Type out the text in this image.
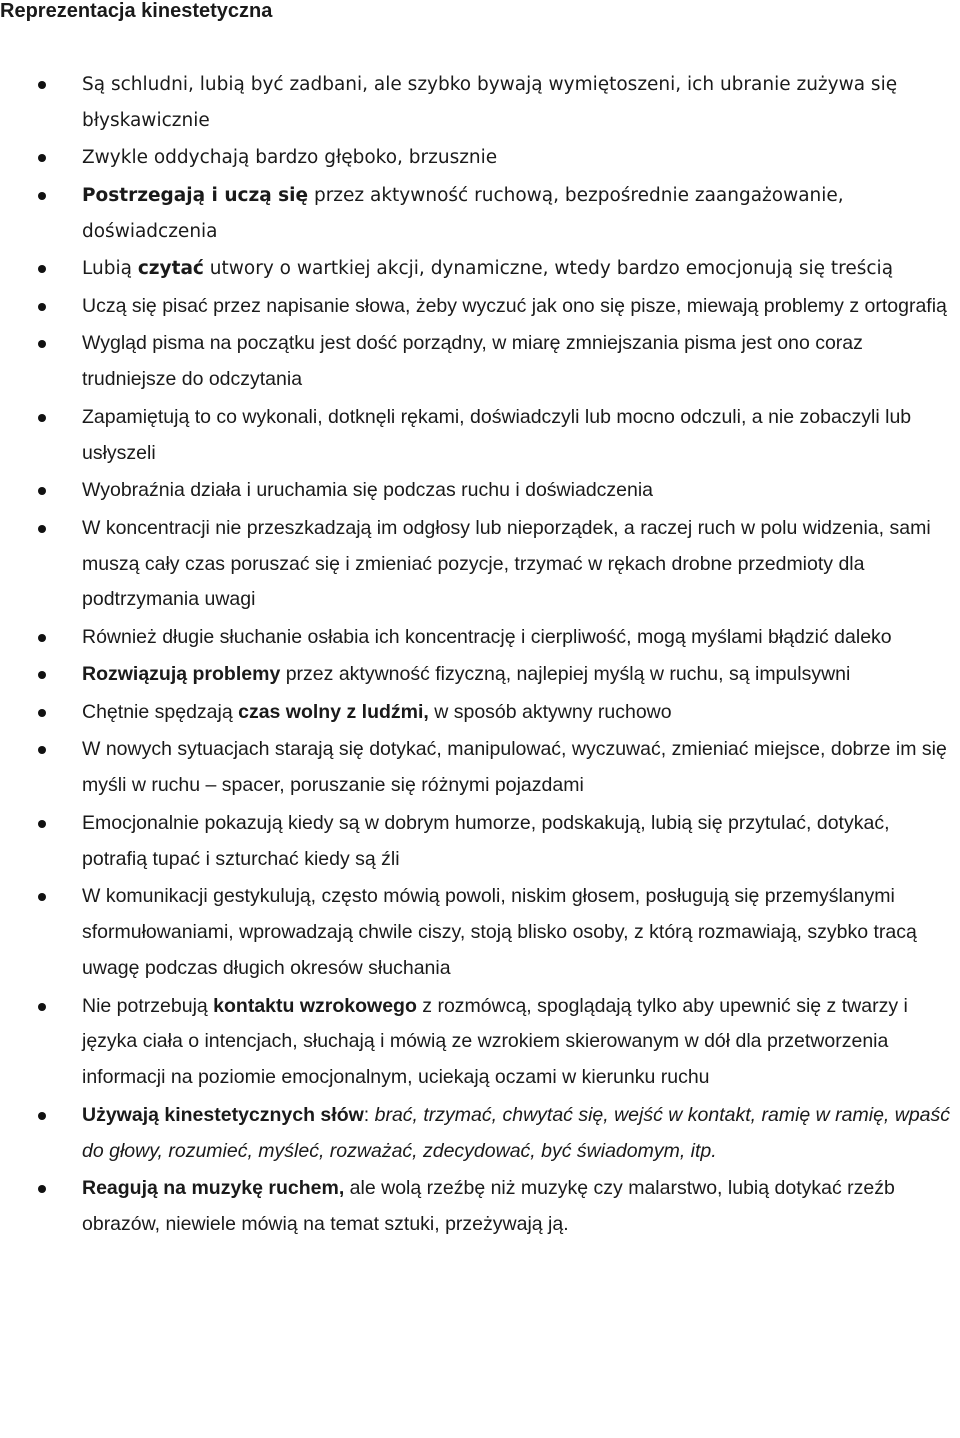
Reprezentacja kinestetyczna
Są schludni, lubią być zadbani, ale szybko bywają wymiętoszeni, ich ubranie zużywa się błyskawicznie
Zwykle oddychają bardzo głęboko, brzusznie
Postrzegają i uczą się przez aktywność ruchową, bezpośrednie zaangażowanie, doświadczenia
Lubią czytać utwory o wartkiej akcji, dynamiczne, wtedy bardzo emocjonują się treścią
Uczą się pisać przez napisanie słowa, żeby wyczuć jak ono się pisze, miewają problemy z ortografią
Wygląd pisma na początku jest dość porządny, w miarę zmniejszania pisma jest ono coraz trudniejsze do odczytania
Zapamiętują to co wykonali, dotknęli rękami, doświadczyli lub mocno odczuli, a nie zobaczyli lub usłyszeli
Wyobraźnia działa i uruchamia się podczas ruchu i doświadczenia
W koncentracji nie przeszkadzają im odgłosy lub nieporządek, a raczej ruch w polu widzenia, sami muszą cały czas poruszać się i zmieniać pozycje, trzymać w rękach drobne przedmioty dla podtrzymania uwagi
Również długie słuchanie osłabia ich koncentrację i cierpliwość, mogą myślami błądzić daleko
Rozwiązują problemy przez aktywność fizyczną, najlepiej myślą w ruchu, są impulsywni
Chętnie spędzają czas wolny z ludźmi, w sposób aktywny ruchowo
W nowych sytuacjach starają się dotykać, manipulować, wyczuwać, zmieniać miejsce, dobrze im się myśli w ruchu – spacer, poruszanie się różnymi pojazdami
Emocjonalnie pokazują kiedy są w dobrym humorze, podskakują, lubią się przytulać, dotykać, potrafią tupać i szturchać kiedy są źli
W komunikacji gestykulują, często mówią powoli, niskim głosem, posługują się przemyślanymi sformułowaniami, wprowadzają chwile ciszy, stoją blisko osoby, z którą rozmawiają, szybko tracą uwagę podczas długich okresów słuchania
Nie potrzebują kontaktu wzrokowego z rozmówcą, spoglądają tylko aby upewnić się z twarzy i języka ciała o intencjach, słuchają i mówią ze wzrokiem skierowanym w dół dla przetworzenia informacji na poziomie emocjonalnym, uciekają oczami w kierunku ruchu
Używają kinestetycznych słów: brać, trzymać, chwytać się, wejść w kontakt, ramię w ramię, wpaść do głowy, rozumieć, myśleć, rozważać, zdecydować, być świadomym, itp.
Reagują na muzykę ruchem, ale wolą rzeźbę niż muzykę czy malarstwo, lubią dotykać rzeźb obrazów, niewiele mówią na temat sztuki, przeżywają ją.
